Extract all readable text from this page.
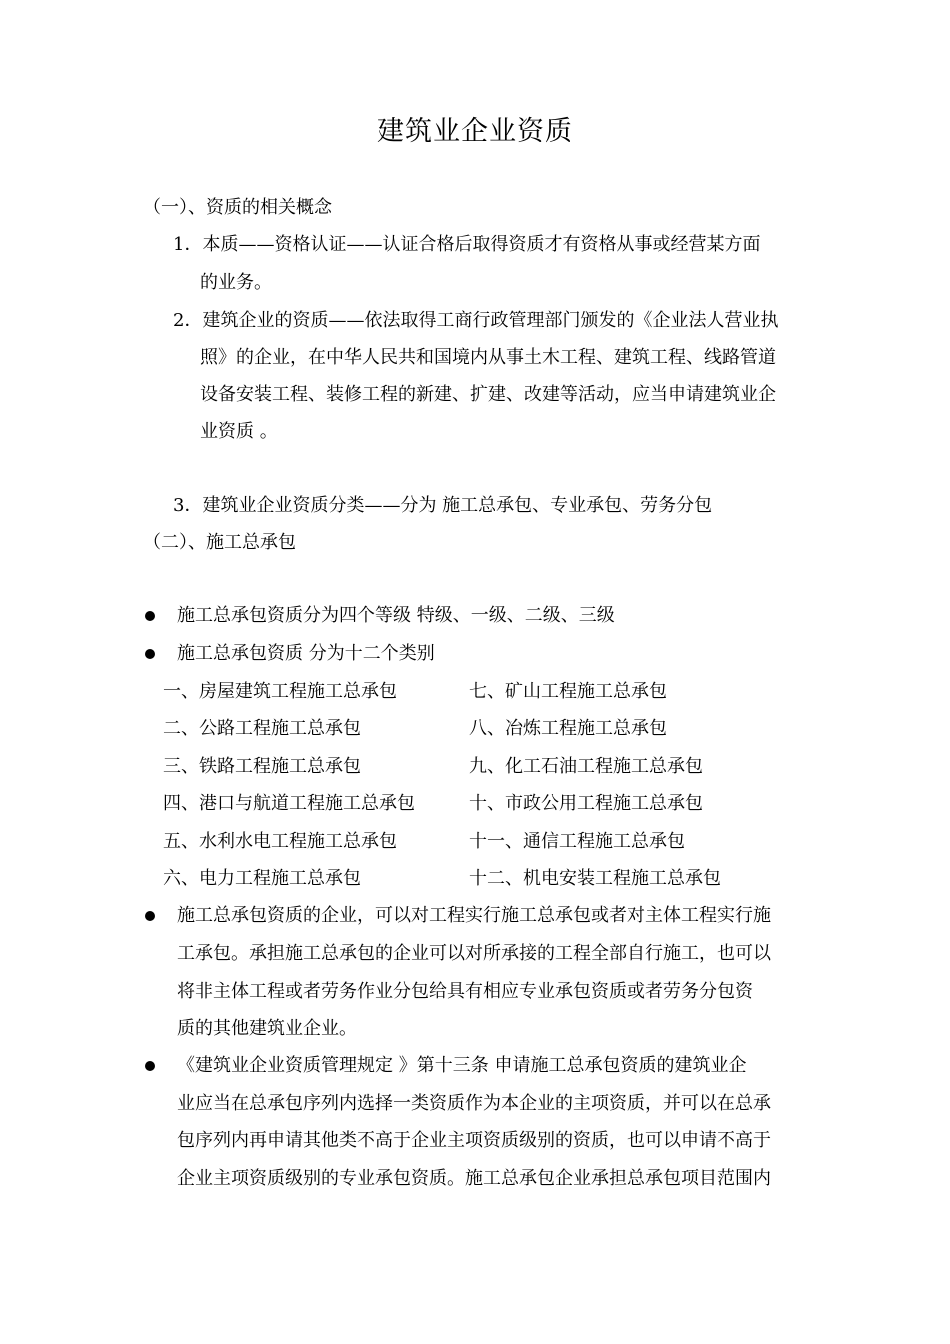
建筑业企业资质
（一）、资质的相关概念
1．本质——资格认证——认证合格后取得资质才有资格从事或经营某方面
的业务。
2．建筑企业的资质——依法取得工商行政管理部门颁发的《企业法人营业执
照》的企业，在中华人民共和国境内从事土木工程、建筑工程、线路管道
设备安装工程、装修工程的新建、扩建、改建等活动，应当申请建筑业企
业资质 。
3．建筑业企业资质分类——分为 施工总承包、专业承包、劳务分包
（二）、施工总承包
施工总承包资质分为四个等级 特级、一级、二级、三级
施工总承包资质 分为十二个类别
一、房屋建筑工程施工总承包	七、矿山工程施工总承包
二、公路工程施工总承包	八、冶炼工程施工总承包
三、铁路工程施工总承包	九、化工石油工程施工总承包
四、港口与航道工程施工总承包	十、市政公用工程施工总承包
五、水利水电工程施工总承包	十一、通信工程施工总承包
六、电力工程施工总承包	十二、机电安装工程施工总承包
施工总承包资质的企业，可以对工程实行施工总承包或者对主体工程实行施
工承包。承担施工总承包的企业可以对所承接的工程全部自行施工，也可以
将非主体工程或者劳务作业分包给具有相应专业承包资质或者劳务分包资
质的其他建筑业企业。
《建筑业企业资质管理规定 》第十三条 申请施工总承包资质的建筑业企
业应当在总承包序列内选择一类资质作为本企业的主项资质，并可以在总承
包序列内再申请其他类不高于企业主项资质级别的资质，也可以申请不高于
企业主项资质级别的专业承包资质。施工总承包企业承担总承包项目范围内
